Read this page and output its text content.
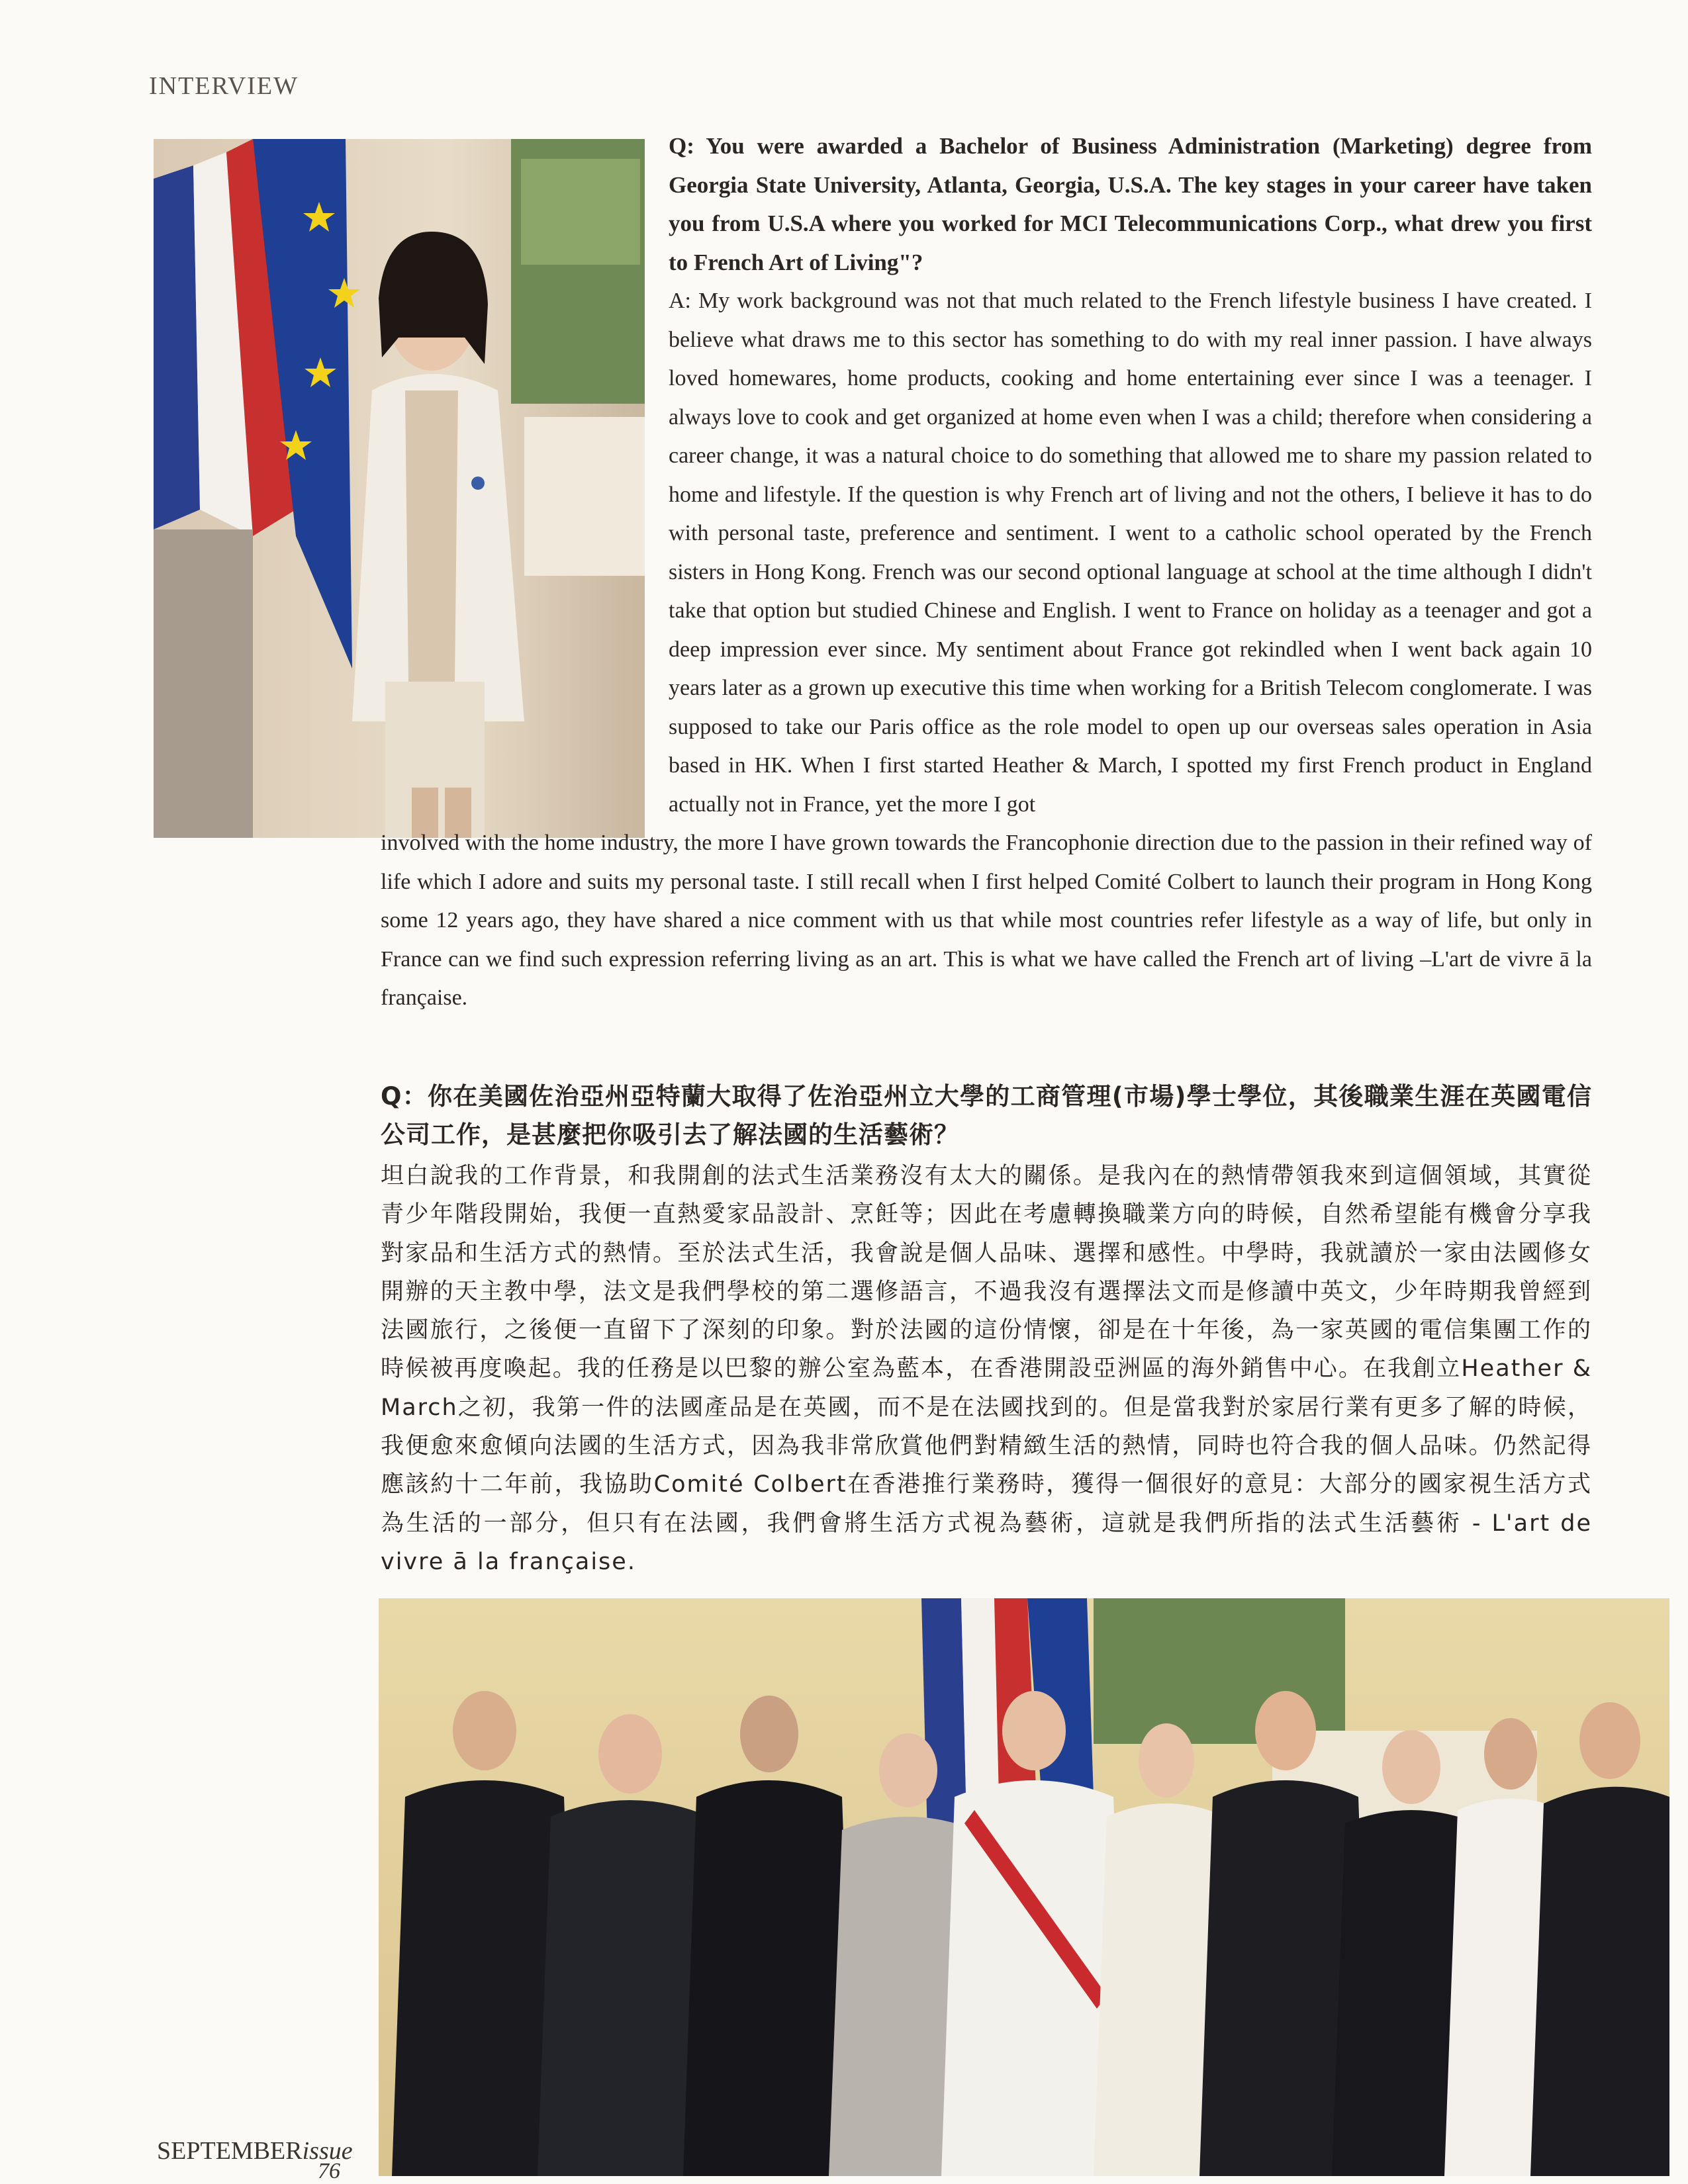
INTERVIEW

Q: You were awarded a Bachelor of Business Administration (Marketing) degree from Georgia State University, Atlanta, Georgia, U.S.A. The key stages in your career have taken you from U.S.A where you worked for MCI Telecommunications Corp., what drew you first to French Art of Living"?

A: My work background was not that much related to the French lifestyle business I have created. I believe what draws me to this sector has something to do with my real inner passion. I have always loved homewares, home products, cooking and home entertaining ever since I was a teenager. I always love to cook and get organized at home even when I was a child; therefore when considering a career change, it was a natural choice to do something that allowed me to share my passion related to home and lifestyle. If the question is why French art of living and not the others, I believe it has to do with personal taste, preference and sentiment. I went to a catholic school operated by the French sisters in Hong Kong. French was our second optional language at school at the time although I didn't take that option but studied Chinese and English. I went to France on holiday as a teenager and got a deep impression ever since. My sentiment about France got rekindled when I went back again 10 years later as a grown up executive this time when working for a British Telecom conglomerate. I was supposed to take our Paris office as the role model to open up our overseas sales operation in Asia based in HK. When I first started Heather & March, I spotted my first French product in England actually not in France, yet the more I got

involved with the home industry, the more I have grown towards the Francophonie direction due to the passion in their refined way of life which I adore and suits my personal taste. I still recall when I first helped Comité Colbert to launch their program in Hong Kong some 12 years ago, they have shared a nice comment with us that while most countries refer lifestyle as a way of life, but only in France can we find such expression referring living as an art. This is what we have called the French art of living –L'art de vivre ā la française.

Q：你在美國佐治亞州亞特蘭大取得了佐治亞州立大學的工商管理(市場)學士學位，其後職業生涯在英國電信公司工作，是甚麼把你吸引去了解法國的生活藝術？

坦白說我的工作背景，和我開創的法式生活業務沒有太大的關係。是我內在的熱情帶領我來到這個領域，其實從青少年階段開始，我便一直熱愛家品設計、烹飪等；因此在考慮轉換職業方向的時候，自然希望能有機會分享我對家品和生活方式的熱情。至於法式生活，我會說是個人品味、選擇和感性。中學時，我就讀於一家由法國修女開辦的天主教中學，法文是我們學校的第二選修語言，不過我沒有選擇法文而是修讀中英文，少年時期我曾經到法國旅行，之後便一直留下了深刻的印象。對於法國的這份情懷，卻是在十年後，為一家英國的電信集團工作的時候被再度喚起。我的任務是以巴黎的辦公室為藍本，在香港開設亞洲區的海外銷售中心。在我創立Heather & March之初，我第一件的法國產品是在英國，而不是在法國找到的。但是當我對於家居行業有更多了解的時候，我便愈來愈傾向法國的生活方式，因為我非常欣賞他們對精緻生活的熱情，同時也符合我的個人品味。仍然記得應該約十二年前，我協助Comité Colbert在香港推行業務時，獲得一個很好的意見：大部分的國家視生活方式為生活的一部分，但只有在法國，我們會將生活方式視為藝術，這就是我們所指的法式生活藝術 - L'art de vivre ā la française.

SEPTEMBERissue
76
